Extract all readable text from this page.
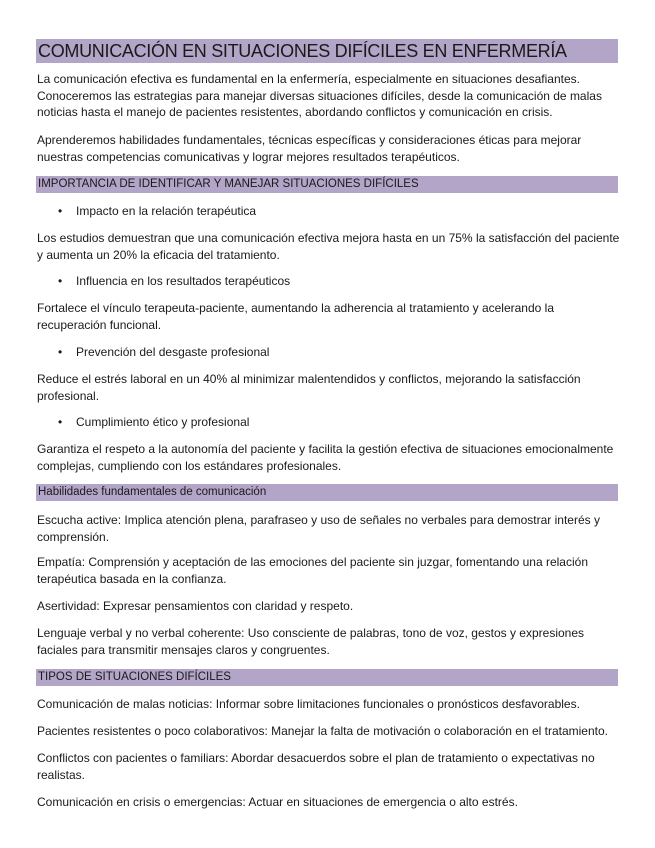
COMUNICACIÓN EN SITUACIONES DIFÍCILES EN ENFERMERÍA
La comunicación efectiva es fundamental en la enfermería, especialmente en situaciones desafiantes. Conoceremos las estrategias para manejar diversas situaciones difíciles, desde la comunicación de malas noticias hasta el manejo de pacientes resistentes, abordando conflictos y comunicación en crisis.
Aprenderemos habilidades fundamentales, técnicas específicas y consideraciones éticas para mejorar nuestras competencias comunicativas y lograr mejores resultados terapéuticos.
IMPORTANCIA DE IDENTIFICAR Y MANEJAR SITUACIONES DIFÍCILES
• Impacto en la relación terapéutica
Los estudios demuestran que una comunicación efectiva mejora hasta en un 75% la satisfacción del paciente y aumenta un 20% la eficacia del tratamiento.
• Influencia en los resultados terapéuticos
Fortalece el vínculo terapeuta-paciente, aumentando la adherencia al tratamiento y acelerando la recuperación funcional.
• Prevención del desgaste profesional
Reduce el estrés laboral en un 40% al minimizar malentendidos y conflictos, mejorando la satisfacción profesional.
• Cumplimiento ético y profesional
Garantiza el respeto a la autonomía del paciente y facilita la gestión efectiva de situaciones emocionalmente complejas, cumpliendo con los estándares profesionales.
Habilidades fundamentales de comunicación
Escucha active: Implica atención plena, parafraseo y uso de señales no verbales para demostrar interés y comprensión.
Empatía: Comprensión y aceptación de las emociones del paciente sin juzgar, fomentando una relación terapéutica basada en la confianza.
Asertividad: Expresar pensamientos con claridad y respeto.
Lenguaje verbal y no verbal coherente: Uso consciente de palabras, tono de voz, gestos y expresiones faciales para transmitir mensajes claros y congruentes.
TIPOS DE SITUACIONES DIFÍCILES
Comunicación de malas noticias: Informar sobre limitaciones funcionales o pronósticos desfavorables.
Pacientes resistentes o poco colaborativos: Manejar la falta de motivación o colaboración en el tratamiento.
Conflictos con pacientes o familiars: Abordar desacuerdos sobre el plan de tratamiento o expectativas no realistas.
Comunicación en crisis o emergencias: Actuar en situaciones de emergencia o alto estrés.
